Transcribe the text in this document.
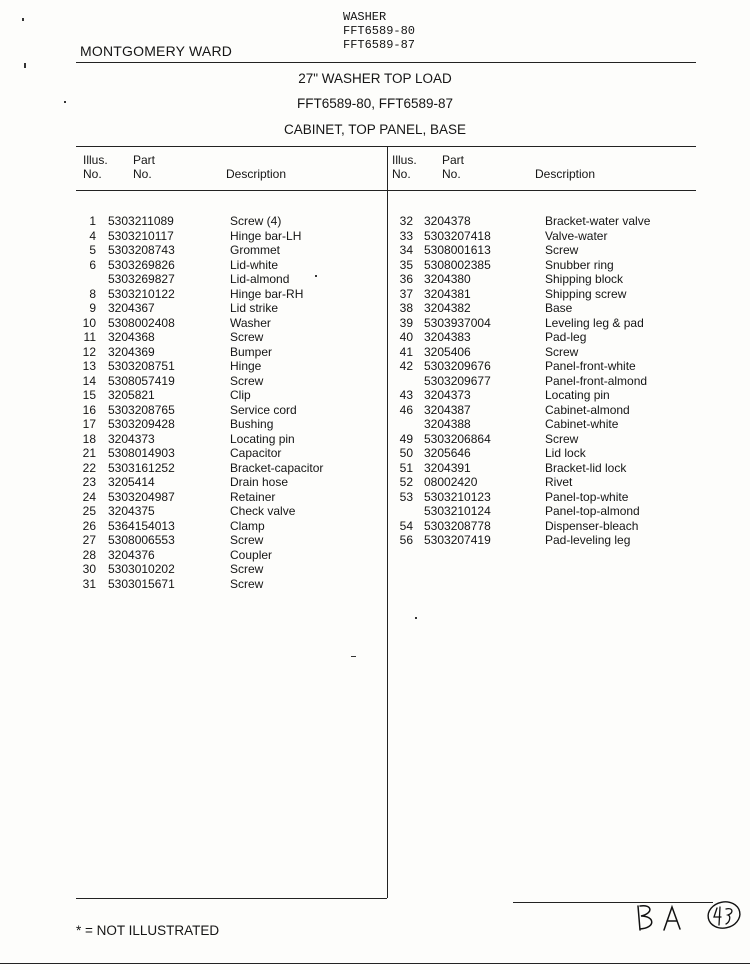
MONTGOMERY WARD
WASHER
FFT6589-80
FFT6589-87
27" WASHER TOP LOAD
FFT6589-80, FFT6589-87
CABINET, TOP PANEL, BASE
Illus.
No.
Part
No.	Description
Illus.
No.
Part
No.	Description
1 5303211089	Screw (4)
4 5303210117	Hinge bar-LH
5 5303208743	Grommet
6 5303269826	Lid-white
5303269827	Lid-almond
8 5303210122	Hinge bar-RH
9 3204367	Lid strike
10 5308002408	Washer
11 3204368	Screw
12 3204369	Bumper
13 5303208751	Hinge
14 5308057419	Screw
15 3205821	Clip
16 5303208765	Service cord
17 5303209428	Bushing
18 3204373	Locating pin
21 5308014903	Capacitor
22 5303161252	Bracket-capacitor
23 3205414	Drain hose
24 5303204987	Retainer
25 3204375	Check valve
26 5364154013	Clamp
27 5308006553	Screw
28 3204376	Coupler
30 5303010202	Screw
31 5303015671	Screw
32 3204378	Bracket-water valve
33 5303207418	Valve-water
34 5308001613	Screw
35 5308002385	Snubber ring
36 3204380	Shipping block
37 3204381	Shipping screw
38 3204382	Base
39 5303937004	Leveling leg & pad
40 3204383	Pad-leg
41 3205406	Screw
42 5303209676	Panel-front-white
5303209677	Panel-front-almond
43 3204373	Locating pin
46 3204387	Cabinet-almond
3204388	Cabinet-white
49 5303206864	Screw
50 3205646	Lid lock
51 3204391	Bracket-lid lock
52 08002420	Rivet
53 5303210123	Panel-top-white
5303210124	Panel-top-almond
54 5303208778	Dispenser-bleach
56 5303207419	Pad-leveling leg
* = NOT ILLUSTRATED
